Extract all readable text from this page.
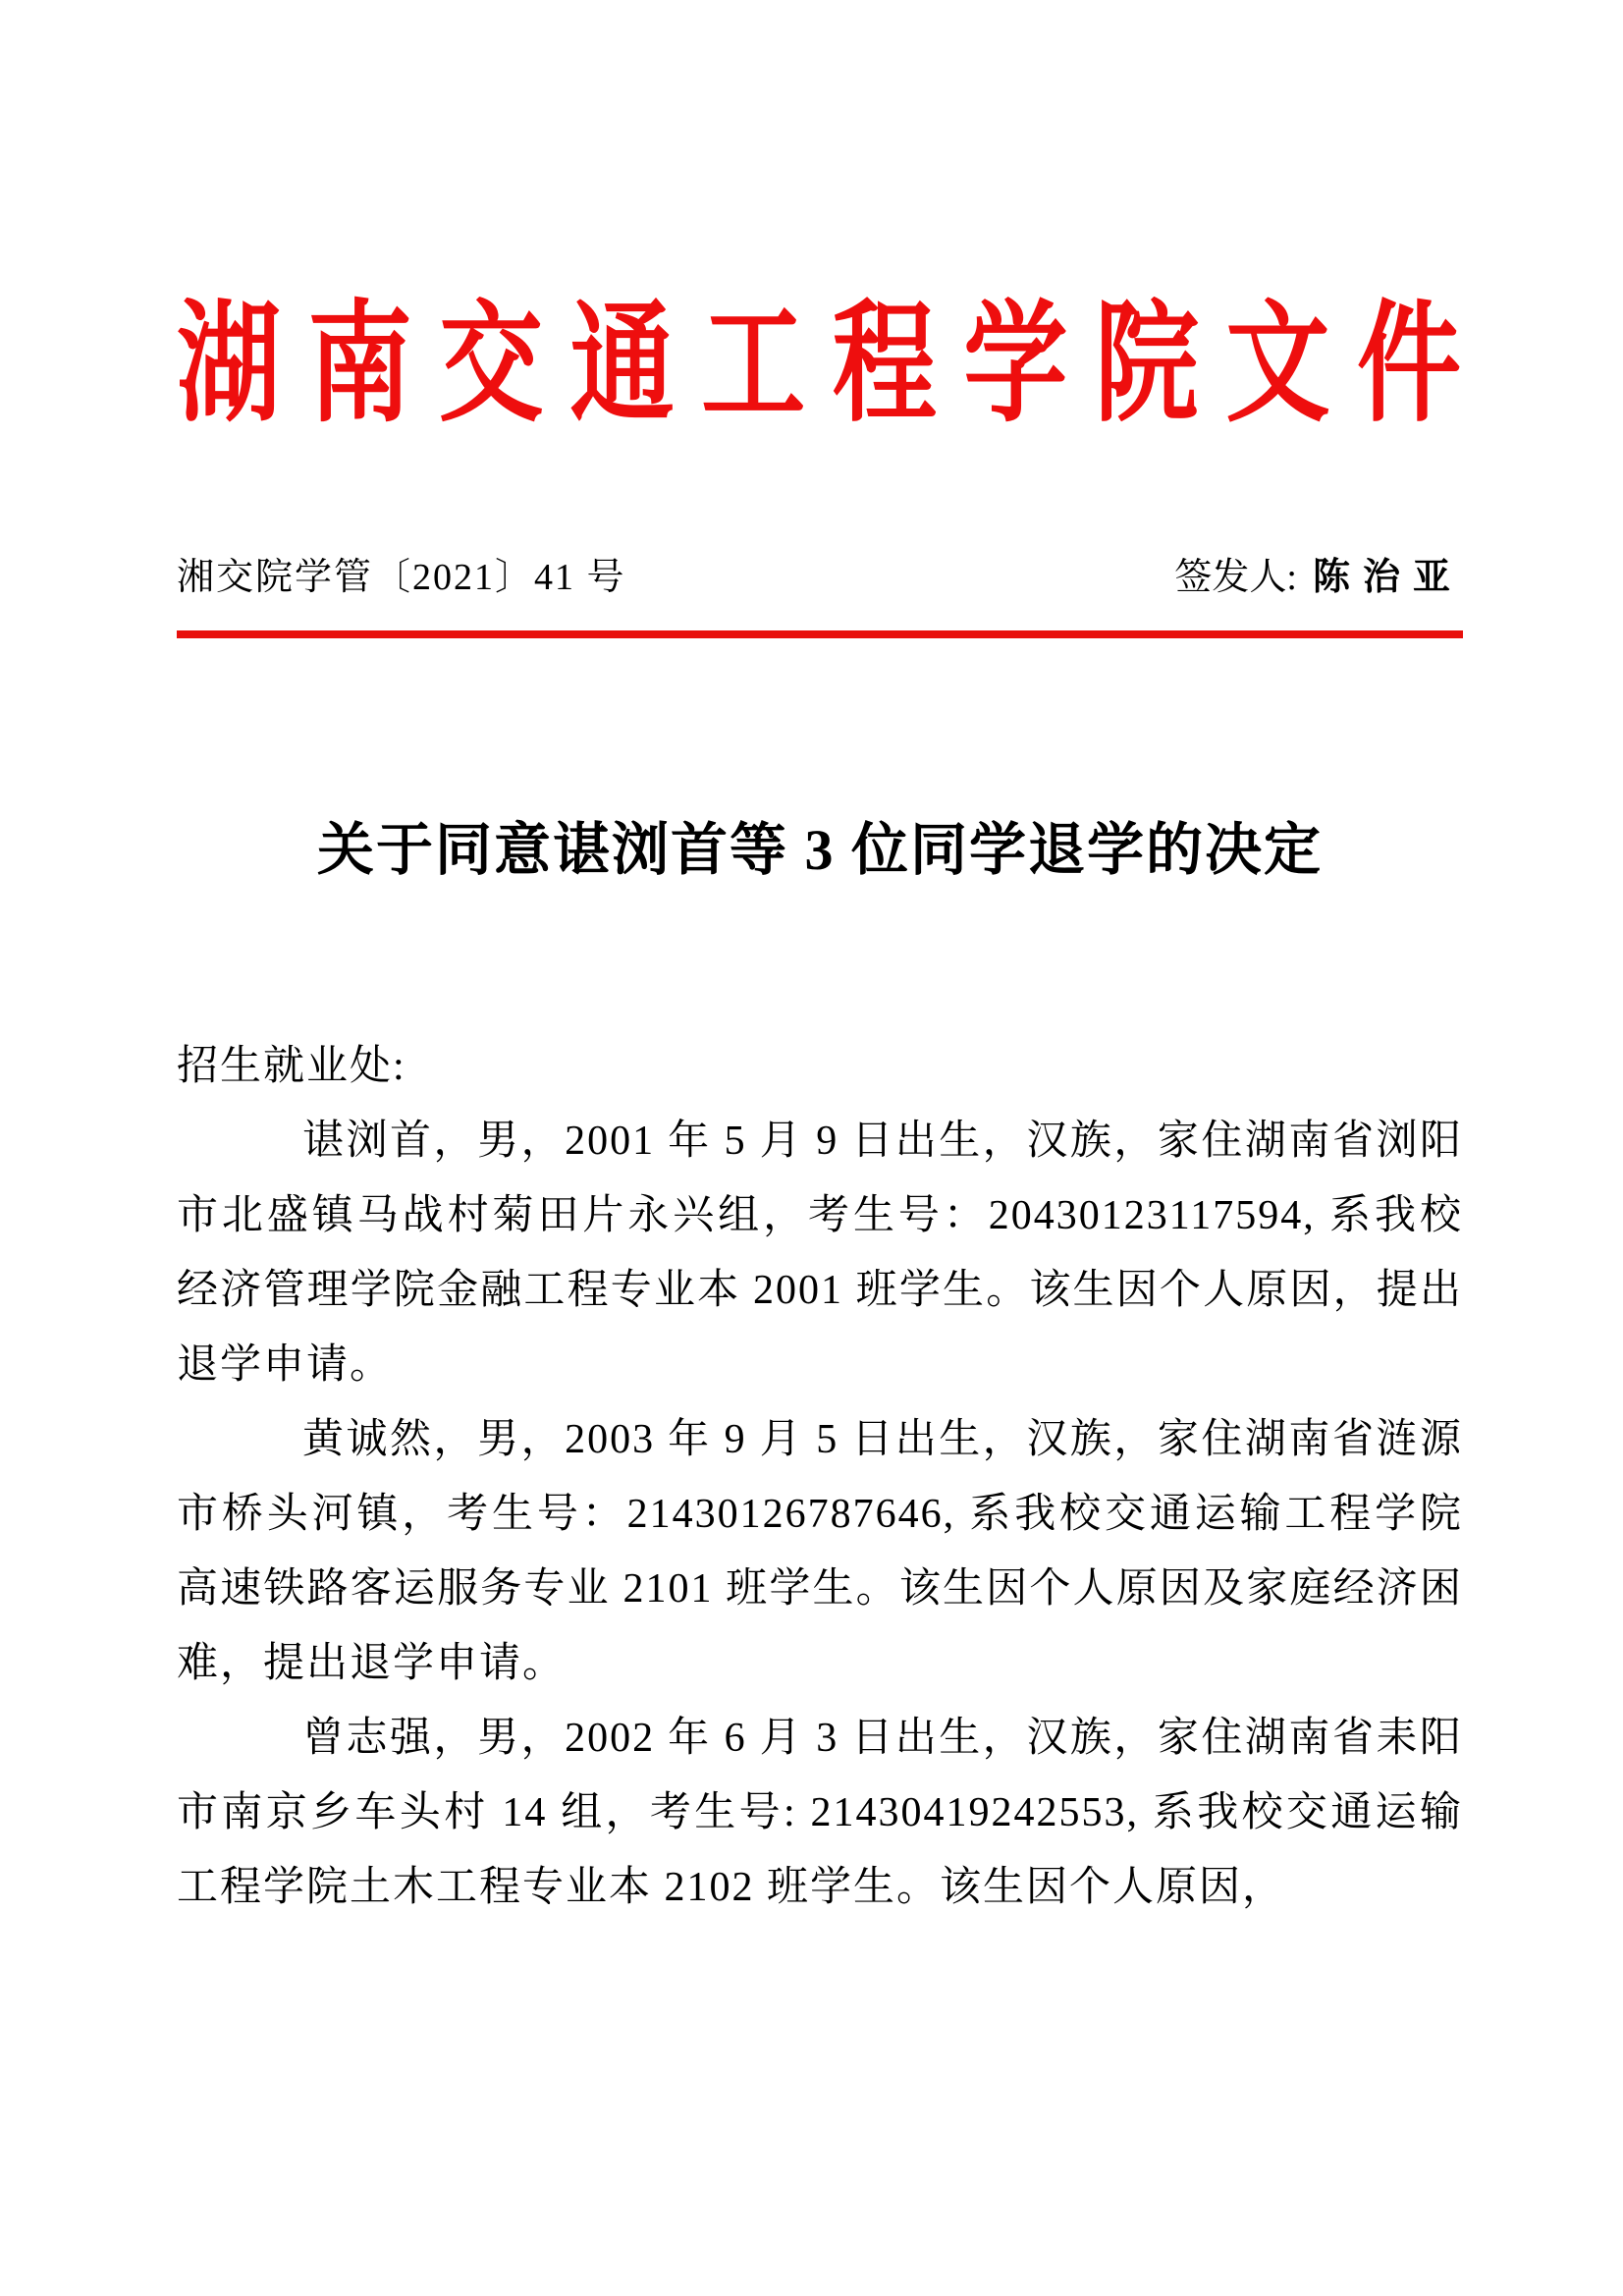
湖南交通工程学院文件
湘交院学管〔2021〕41 号	签发人: 陈治亚
关于同意谌浏首等 3 位同学退学的决定

招生就业处:

谌浏首，男，2001 年 5 月 9 日出生，汉族，家住湖南省浏阳市北盛镇马战村菊田片永兴组，考生号：20430123117594, 系我校经济管理学院金融工程专业本 2001 班学生。该生因个人原因，提出退学申请。

黄诚然，男，2003 年 9 月 5 日出生，汉族，家住湖南省涟源市桥头河镇，考生号：21430126787646, 系我校交通运输工程学院高速铁路客运服务专业 2101 班学生。该生因个人原因及家庭经济困难，提出退学申请。

曾志强，男，2002 年 6 月 3 日出生，汉族，家住湖南省耒阳市南京乡车头村 14 组，考生号: 21430419242553, 系我校交通运输工程学院土木工程专业本 2102 班学生。该生因个人原因，
